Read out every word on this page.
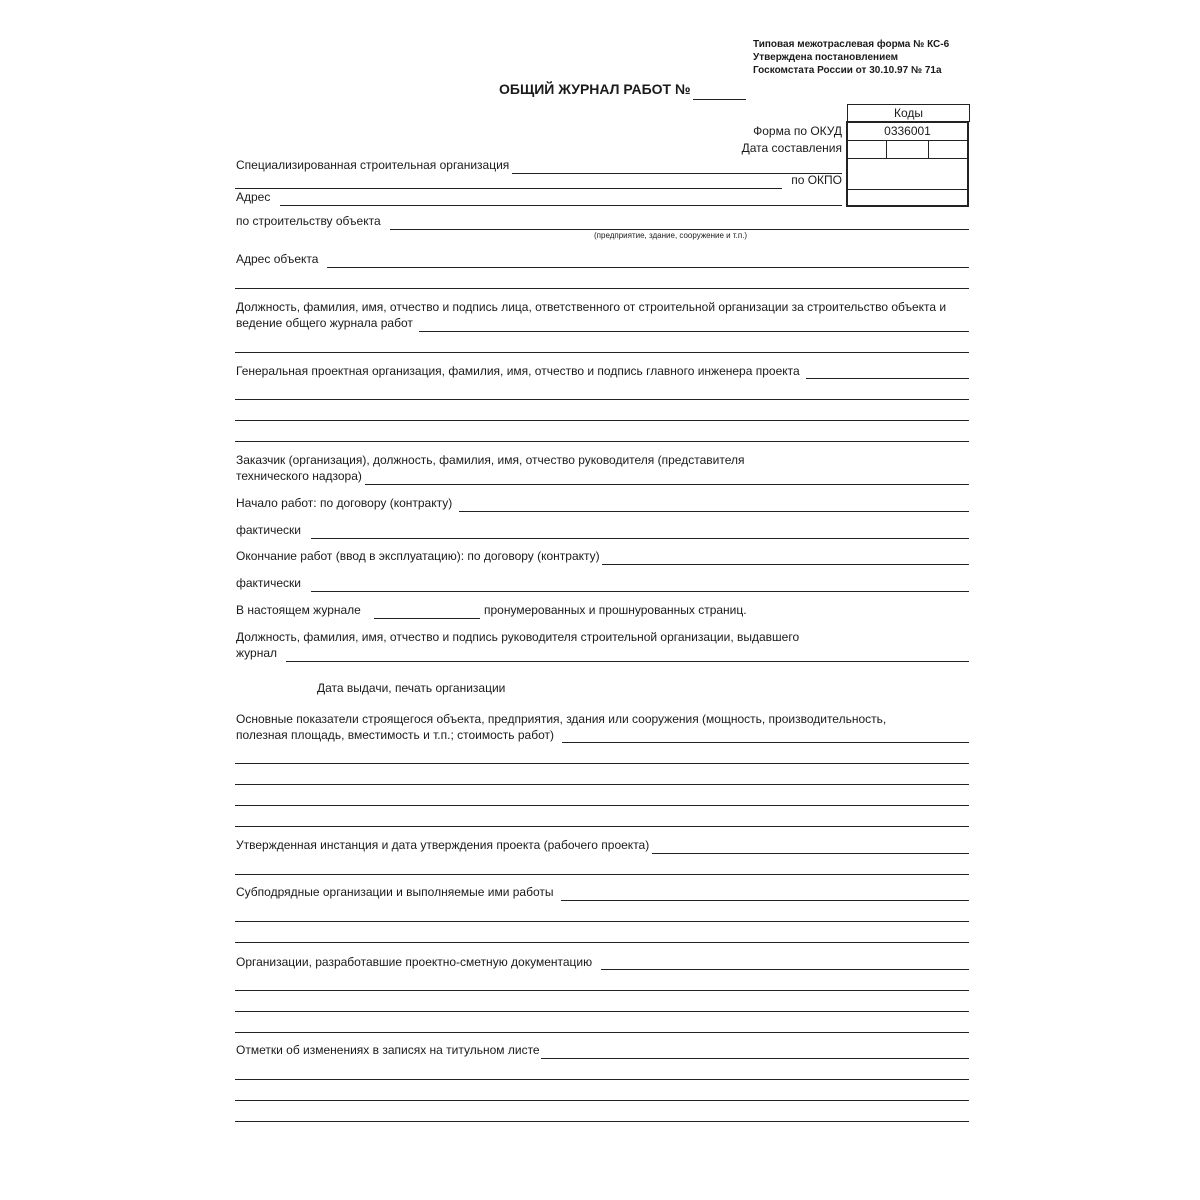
Типовая межотраслевая форма № КС-6
Утверждена постановлением
Госкомстата России от 30.10.97 № 71а
ОБЩИЙ ЖУРНАЛ РАБОТ №
Коды
0336001
Форма по ОКУД
Дата составления
по ОКПО
Специализированная строительная организация
Адрес
по строительству объекта
(предприятие, здание, сооружение и т.п.)
Адрес объекта
Должность, фамилия, имя, отчество и подпись лица, ответственного от строительной организации за строительство объекта и
ведение общего журнала работ
Генеральная проектная организация, фамилия, имя, отчество и подпись главного инженера проекта
Заказчик (организация), должность, фамилия, имя, отчество руководителя (представителя
технического надзора)
Начало работ: по договору (контракту)
фактически
Окончание работ (ввод в эксплуатацию): по договору (контракту)
фактически
В настоящем журнале	пронумерованных и прошнурованных страниц.
Должность, фамилия, имя, отчество и подпись руководителя строительной организации, выдавшего
журнал
Дата выдачи, печать организации
Основные показатели строящегося объекта, предприятия, здания или сооружения (мощность, производительность,
полезная площадь, вместимость и т.п.; стоимость работ)
Утвержденная инстанция и дата утверждения проекта (рабочего проекта)
Субподрядные организации и выполняемые ими работы
Организации, разработавшие проектно-сметную документацию
Отметки об изменениях в записях на титульном листе
